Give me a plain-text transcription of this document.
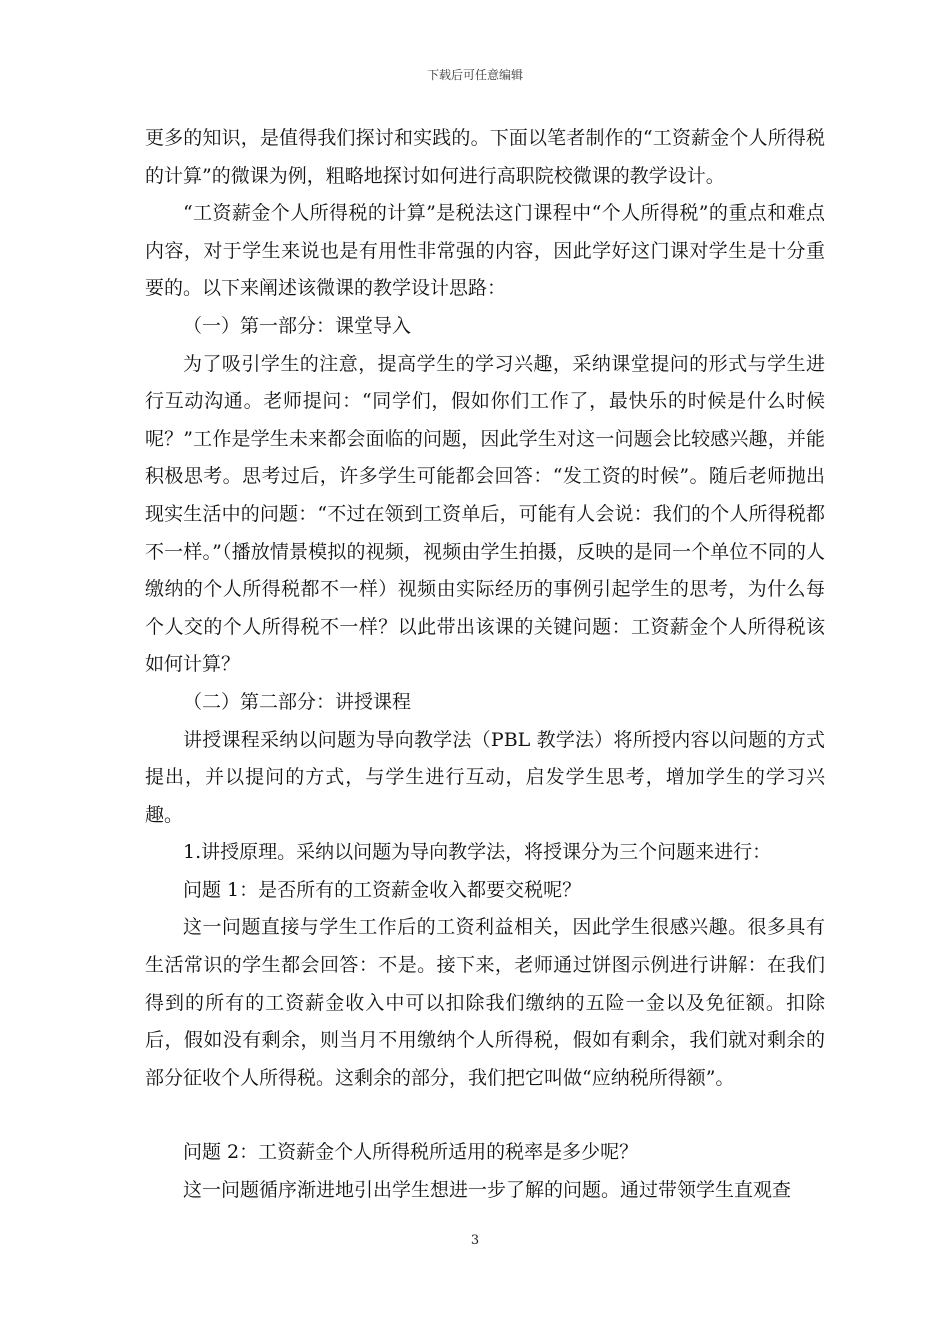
下载后可任意编辑

更多的知识，是值得我们探讨和实践的。下面以笔者制作的“工资薪金个人所得税的计算”的微课为例，粗略地探讨如何进行高职院校微课的教学设计。

“工资薪金个人所得税的计算”是税法这门课程中“个人所得税”的重点和难点内容，对于学生来说也是有用性非常强的内容，因此学好这门课对学生是十分重要的。以下来阐述该微课的教学设计思路：

（一）第一部分：课堂导入

为了吸引学生的注意，提高学生的学习兴趣，采纳课堂提问的形式与学生进行互动沟通。老师提问：“同学们，假如你们工作了，最快乐的时候是什么时候呢？”工作是学生未来都会面临的问题，因此学生对这一问题会比较感兴趣，并能积极思考。思考过后，许多学生可能都会回答：“发工资的时候”。随后老师抛出现实生活中的问题：“不过在领到工资单后，可能有人会说：我们的个人所得税都不一样。”（播放情景模拟的视频，视频由学生拍摄，反映的是同一个单位不同的人缴纳的个人所得税都不一样）视频由实际经历的事例引起学生的思考，为什么每个人交的个人所得税不一样？以此带出该课的关键问题：工资薪金个人所得税该如何计算？

（二）第二部分：讲授课程

讲授课程采纳以问题为导向教学法（PBL 教学法）将所授内容以问题的方式提出，并以提问的方式，与学生进行互动，启发学生思考，增加学生的学习兴趣。

1.讲授原理。采纳以问题为导向教学法，将授课分为三个问题来进行：

问题 1：是否所有的工资薪金收入都要交税呢？

这一问题直接与学生工作后的工资利益相关，因此学生很感兴趣。很多具有生活常识的学生都会回答：不是。接下来，老师通过饼图示例进行讲解：在我们得到的所有的工资薪金收入中可以扣除我们缴纳的五险一金以及免征额。扣除后，假如没有剩余，则当月不用缴纳个人所得税，假如有剩余，我们就对剩余的部分征收个人所得税。这剩余的部分，我们把它叫做“应纳税所得额”。

问题 2：工资薪金个人所得税所适用的税率是多少呢？

这一问题循序渐进地引出学生想进一步了解的问题。通过带领学生直观查

3
